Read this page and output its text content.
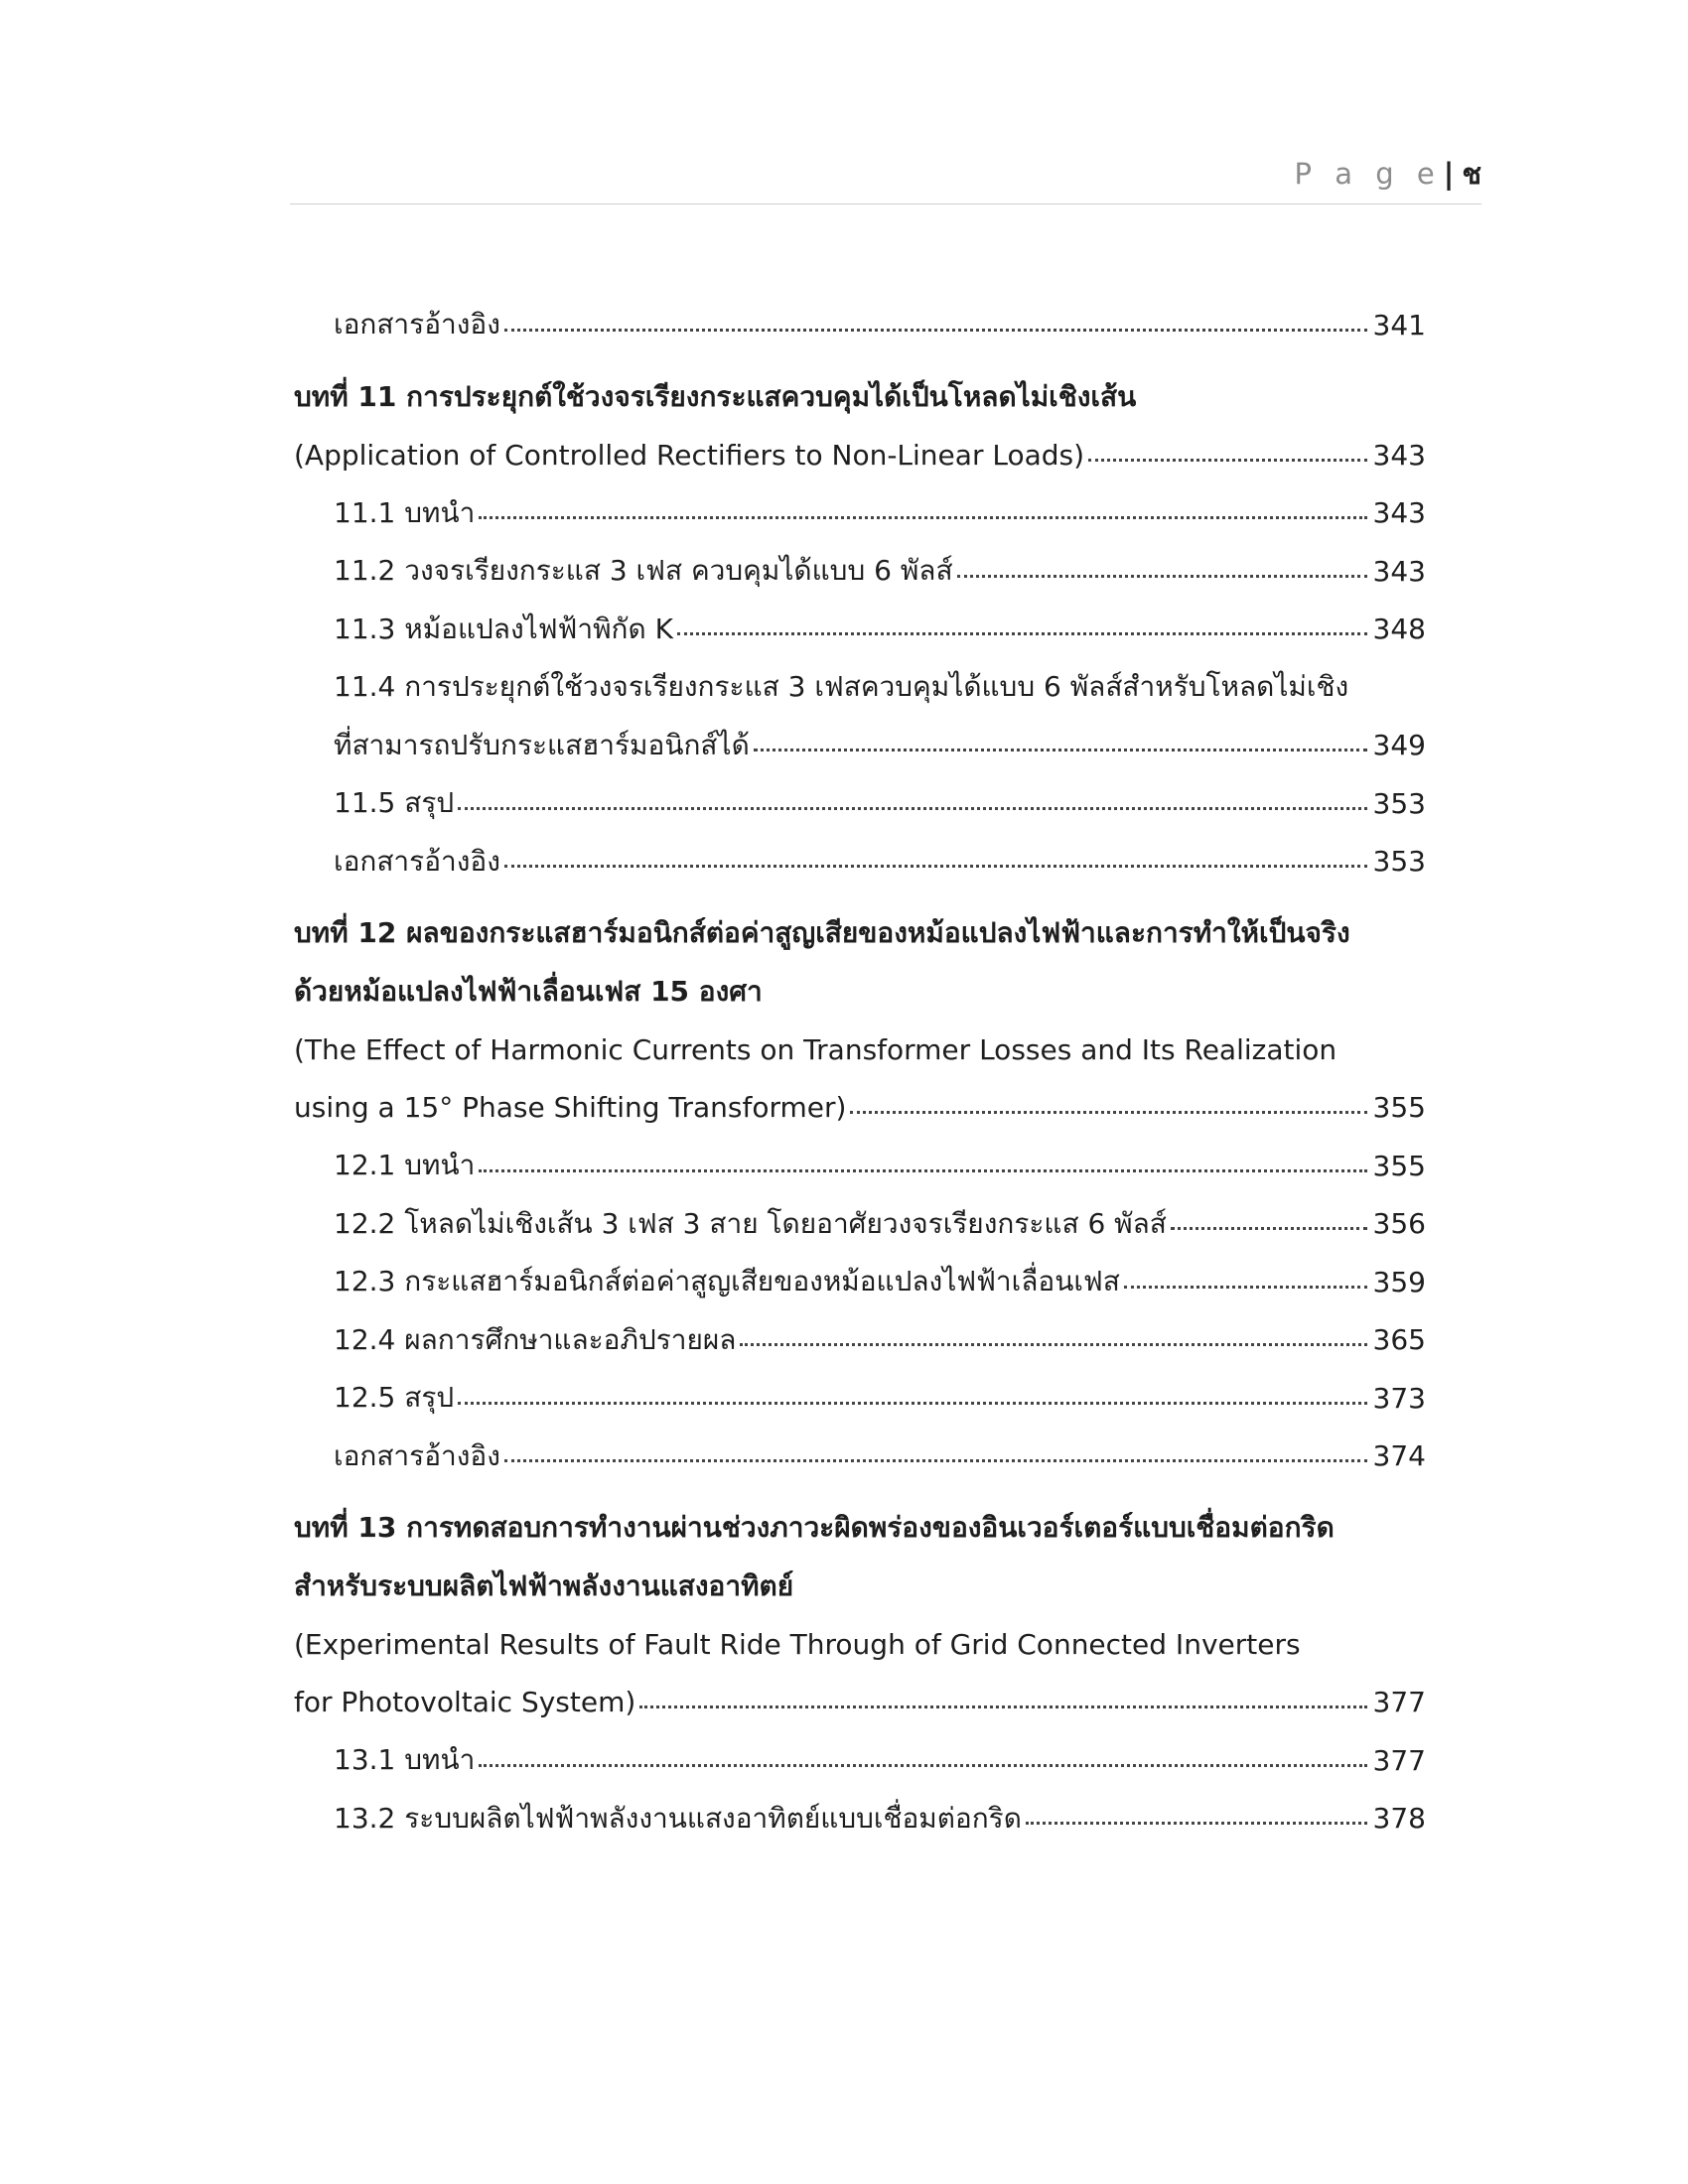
P a g e| ช
เอกสารอ้างอิง	341
บทที่ 11 การประยุกต์ใช้วงจรเรียงกระแสควบคุมได้เป็นโหลดไม่เชิงเส้น
(Application of Controlled Rectifiers to Non-Linear Loads)	343
11.1 บทนำ	343
11.2 วงจรเรียงกระแส 3 เฟส ควบคุมได้แบบ 6 พัลส์	343
11.3 หม้อแปลงไฟฟ้าพิกัด K	348
11.4 การประยุกต์ใช้วงจรเรียงกระแส 3 เฟสควบคุมได้แบบ 6 พัลส์สำหรับโหลดไม่เชิง
ที่สามารถปรับกระแสฮาร์มอนิกส์ได้	349
11.5 สรุป	353
เอกสารอ้างอิง	353
บทที่ 12 ผลของกระแสฮาร์มอนิกส์ต่อค่าสูญเสียของหม้อแปลงไฟฟ้าและการทำให้เป็นจริง
ด้วยหม้อแปลงไฟฟ้าเลื่อนเฟส 15 องศา
(The Effect of Harmonic Currents on Transformer Losses and Its Realization
using a 15° Phase Shifting Transformer)	355
12.1 บทนำ	355
12.2 โหลดไม่เชิงเส้น 3 เฟส 3 สาย โดยอาศัยวงจรเรียงกระแส 6 พัลส์	356
12.3 กระแสฮาร์มอนิกส์ต่อค่าสูญเสียของหม้อแปลงไฟฟ้าเลื่อนเฟส	359
12.4 ผลการศึกษาและอภิปรายผล	365
12.5 สรุป	373
เอกสารอ้างอิง	374
บทที่ 13 การทดสอบการทำงานผ่านช่วงภาวะผิดพร่องของอินเวอร์เตอร์แบบเชื่อมต่อกริด
สำหรับระบบผลิตไฟฟ้าพลังงานแสงอาทิตย์
(Experimental Results of Fault Ride Through of Grid Connected Inverters
for Photovoltaic System)	377
13.1 บทนำ	377
13.2 ระบบผลิตไฟฟ้าพลังงานแสงอาทิตย์แบบเชื่อมต่อกริด	378
